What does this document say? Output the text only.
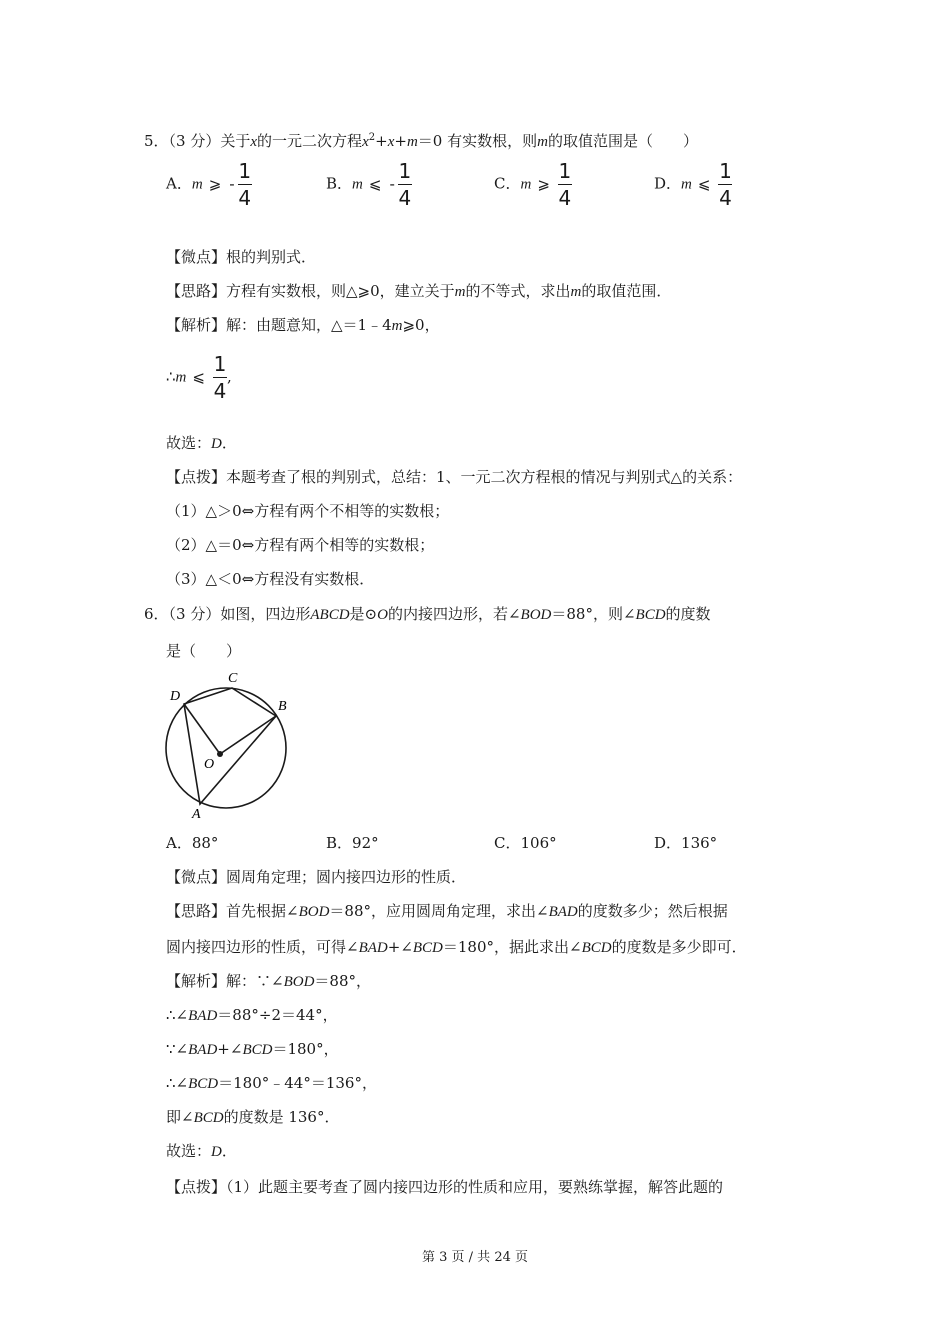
5．（3 分）关于x的一元二次方程$x^2+x+m=0$ 有实数根，则m的取值范围是（　　）
A．m ⩾ - $\frac{1}{4}$	B．m ⩽ - $\frac{1}{4}$	C．m ⩾ $\frac{1}{4}$	D．m ⩽ $\frac{1}{4}$
【微点】根的判别式．
【思路】方程有实数根，则△⩾0，建立关于m的不等式，求出m的取值范围．
【解析】解：由题意知，△＝1﹣4m⩾0，
∴m ⩽ $\frac{1}{4}$ ,
故选：D．
【点拨】本题考查了根的判别式，总结：1、一元二次方程根的情况与判别式△的关系：
（1）△＞0⇔方程有两个不相等的实数根；
（2）△＝0⇔方程有两个相等的实数根；
（3）△＜0⇔方程没有实数根．
6．（3 分）如图，四边形ABCD是⊙O的内接四边形，若∠BOD＝88°，则∠BCD的度数
是（　　）
D
C
B
O
A
A．88°	B．92°	C．106°	D．136°
【微点】圆周角定理；圆内接四边形的性质．
【思路】首先根据∠BOD＝88°，应用圆周角定理，求出∠BAD的度数多少；然后根据
圆内接四边形的性质，可得∠BAD+∠BCD＝180°，据此求出∠BCD的度数是多少即可．
【解析】解：∵∠BOD＝88°，
∴∠BAD＝88°÷2＝44°，
∵∠BAD+∠BCD＝180°，
∴∠BCD＝180°﹣44°＝136°，
即∠BCD的度数是 136°．
故选：D．
【点拨】（1）此题主要考查了圆内接四边形的性质和应用，要熟练掌握，解答此题的
第 3 页 / 共 24 页
